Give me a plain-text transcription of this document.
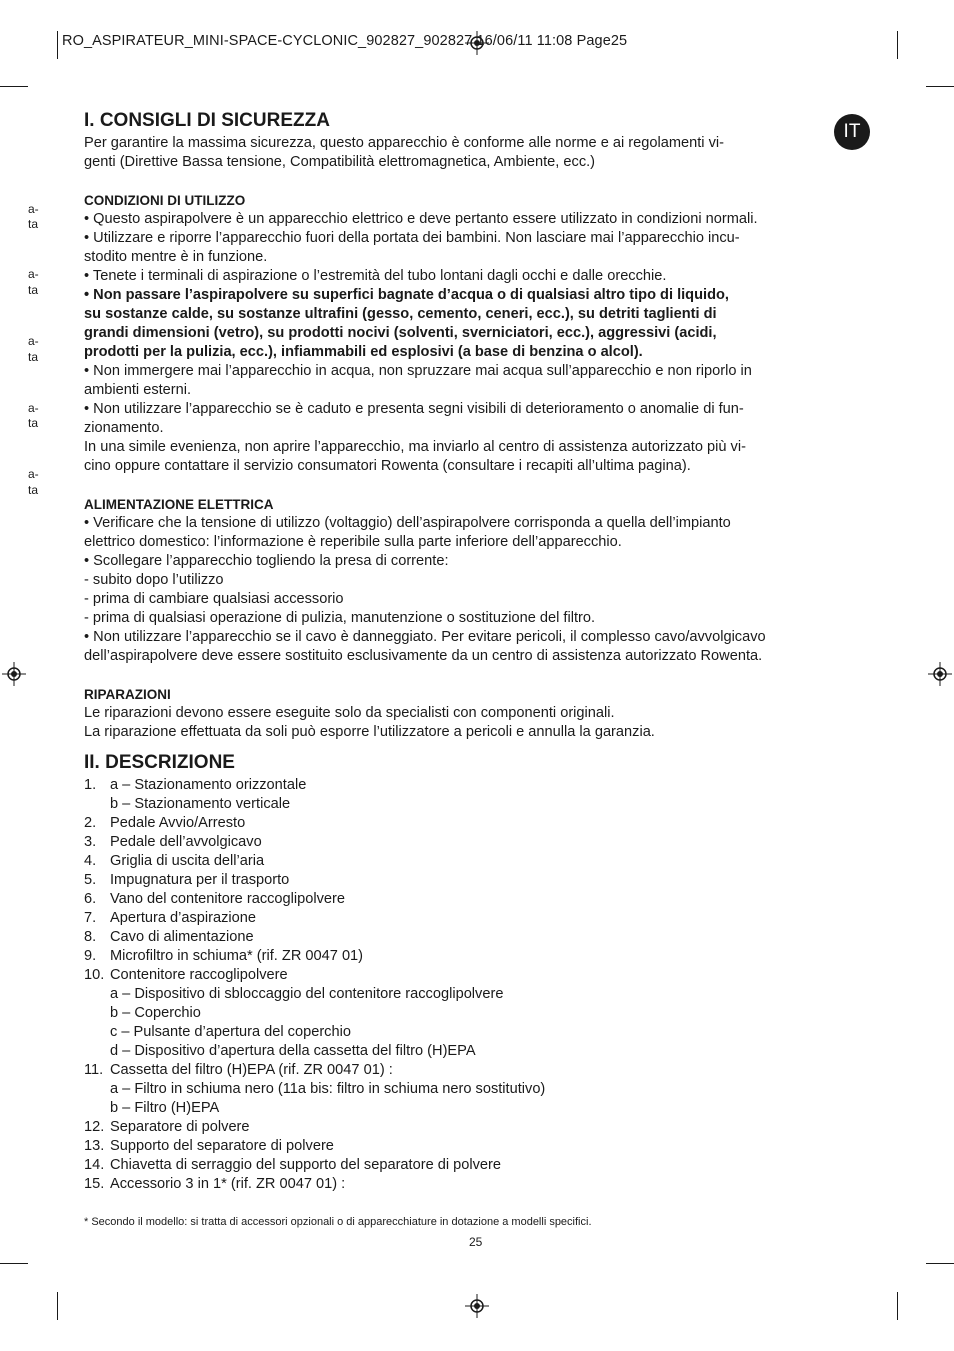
RO_ASPIRATEUR_MINI-SPACE-CYCLONIC_902827_902827 16/06/11 11:08 Page25
IT
a-
ta
a-
ta
a-
ta
a-
ta
a-
ta
I. CONSIGLI DI SICUREZZA

Per garantire la massima sicurezza, questo apparecchio è conforme alle norme e ai regolamenti vi-

genti (Direttive Bassa tensione, Compatibilità elettromagnetica, Ambiente, ecc.)

CONDIZIONI DI UTILIZZO

• Questo aspirapolvere è un apparecchio elettrico e deve pertanto essere utilizzato in condizioni normali.

• Utilizzare e riporre l’apparecchio fuori della portata dei bambini. Non lasciare mai l’apparecchio incu-

stodito mentre è in funzione.

• Tenete i terminali di aspirazione o l’estremità del tubo lontani dagli occhi e dalle orecchie.

• Non passare l’aspirapolvere su superfici bagnate d’acqua o di qualsiasi altro tipo di liquido,

su sostanze calde, su sostanze ultrafini (gesso, cemento, ceneri, ecc.), su detriti taglienti di

grandi dimensioni (vetro), su prodotti nocivi (solventi, sverniciatori, ecc.), aggressivi (acidi,

prodotti per la pulizia, ecc.), infiammabili ed esplosivi (a base di benzina o alcol).

• Non immergere mai l’apparecchio in acqua, non spruzzare mai acqua sull’apparecchio e non riporlo in

ambienti esterni.

• Non utilizzare l’apparecchio se è caduto e presenta segni visibili di deterioramento o anomalie di fun-

zionamento.

In una simile evenienza, non aprire l’apparecchio, ma inviarlo al centro di assistenza autorizzato più vi-

cino oppure contattare il servizio consumatori Rowenta (consultare i recapiti all’ultima pagina).

ALIMENTAZIONE ELETTRICA

• Verificare che la tensione di utilizzo (voltaggio) dell’aspirapolvere corrisponda a quella dell’impianto

elettrico domestico: l’informazione è reperibile sulla parte inferiore dell’apparecchio.

• Scollegare l’apparecchio togliendo la presa di corrente:

- subito dopo l’utilizzo

- prima di cambiare qualsiasi accessorio

- prima di qualsiasi operazione di pulizia, manutenzione o sostituzione del filtro.

• Non utilizzare l’apparecchio se il cavo è danneggiato. Per evitare pericoli, il complesso cavo/avvolgicavo

dell’aspirapolvere deve essere sostituito esclusivamente da un centro di assistenza autorizzato Rowenta.

RIPARAZIONI

Le riparazioni devono essere eseguite solo da specialisti con componenti originali.

La riparazione effettuata da soli può esporre l’utilizzatore a pericoli e annulla la garanzia.

II. DESCRIZIONE

1. a – Stazionamento orizzontale

b – Stazionamento verticale

2. Pedale Avvio/Arresto

3. Pedale dell’avvolgicavo

4. Griglia di uscita dell’aria

5. Impugnatura per il trasporto

6. Vano del contenitore raccoglipolvere

7. Apertura d’aspirazione

8. Cavo di alimentazione

9. Microfiltro in schiuma* (rif. ZR 0047 01)

10. Contenitore raccoglipolvere

a – Dispositivo di sbloccaggio del contenitore raccoglipolvere

b – Coperchio

c – Pulsante d’apertura del coperchio

d – Dispositivo d’apertura della cassetta del filtro (H)EPA

11. Cassetta del filtro (H)EPA (rif. ZR 0047 01) :

a – Filtro in schiuma nero (11a bis: filtro in schiuma nero sostitutivo)

b – Filtro (H)EPA

12. Separatore di polvere

13. Supporto del separatore di polvere

14. Chiavetta di serraggio del supporto del separatore di polvere

15. Accessorio 3 in 1* (rif. ZR 0047 01) :

* Secondo il modello: si tratta di accessori opzionali o di apparecchiature in dotazione a modelli specifici.
25
